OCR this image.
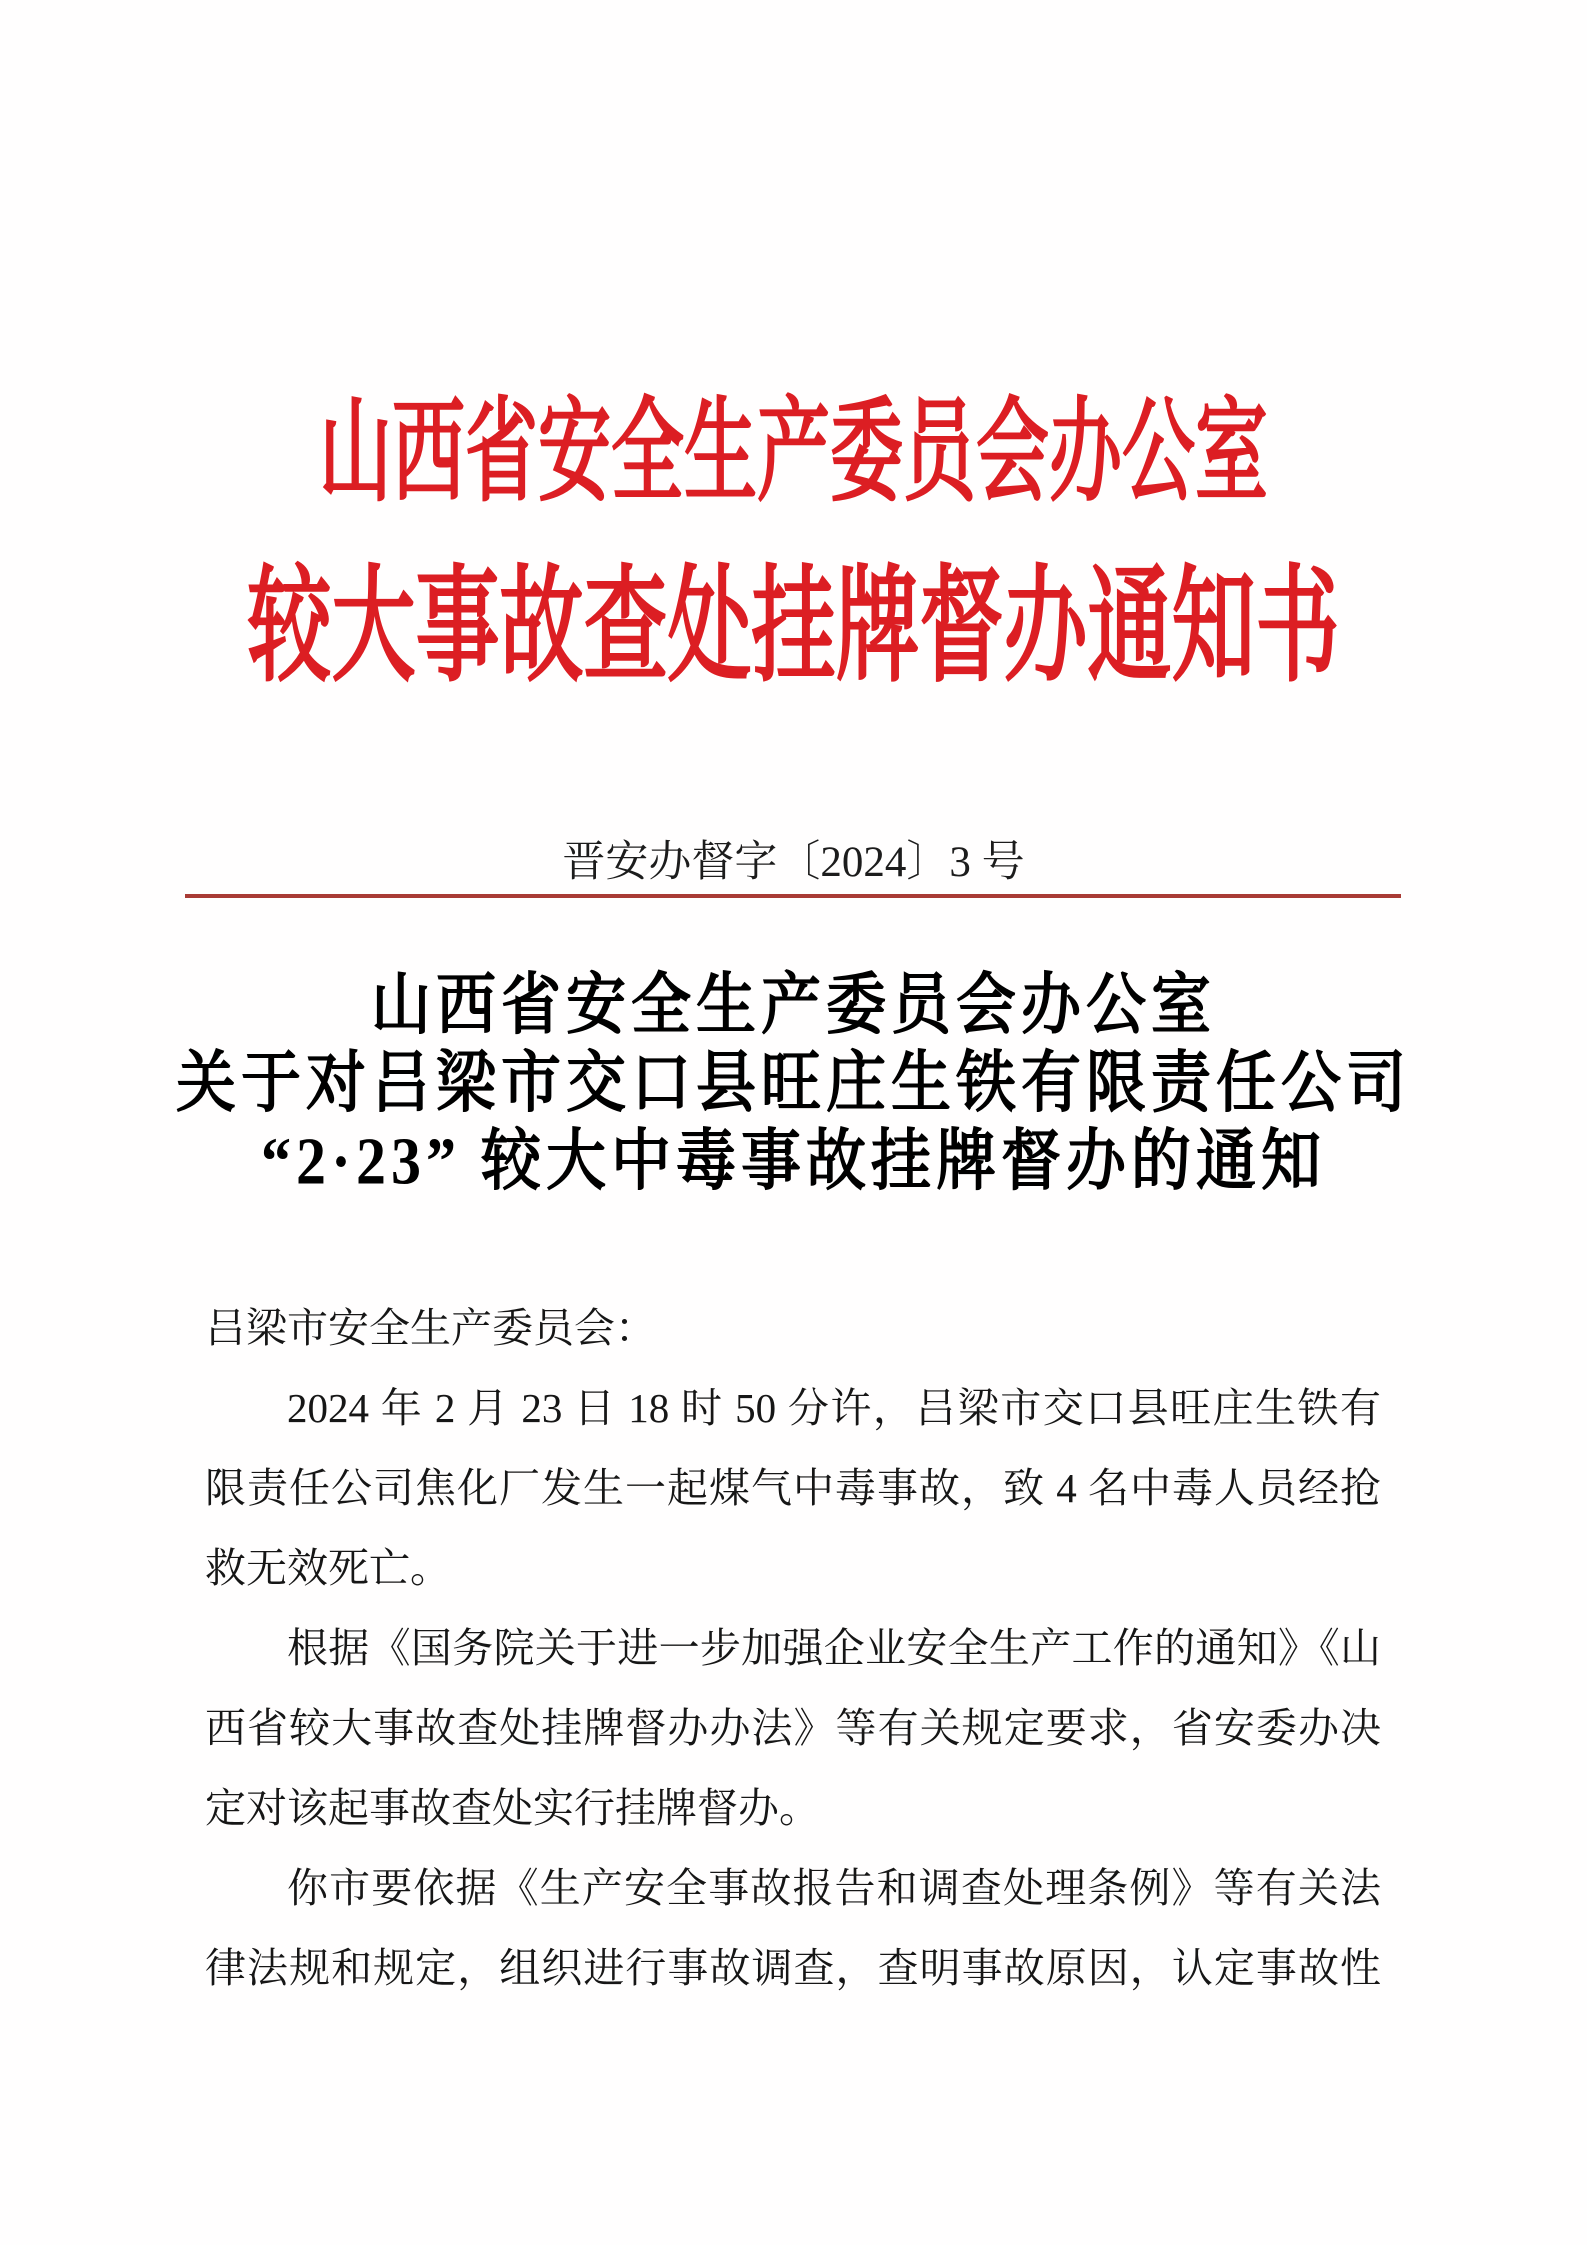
山西省安全生产委员会办公室
较大事故查处挂牌督办通知书
晋安办督字〔2024〕3 号
山西省安全生产委员会办公室
关于对吕梁市交口县旺庄生铁有限责任公司
“2·23” 较大中毒事故挂牌督办的通知
吕梁市安全生产委员会：
2024 年 2 月 23 日 18 时 50 分许，吕梁市交口县旺庄生铁有
限责任公司焦化厂发生一起煤气中毒事故，致 4 名中毒人员经抢
救无效死亡。
根据《国务院关于进一步加强企业安全生产工作的通知》《山
西省较大事故查处挂牌督办办法》等有关规定要求，省安委办决
定对该起事故查处实行挂牌督办。
你市要依据《生产安全事故报告和调查处理条例》等有关法
律法规和规定，组织进行事故调查，查明事故原因，认定事故性
